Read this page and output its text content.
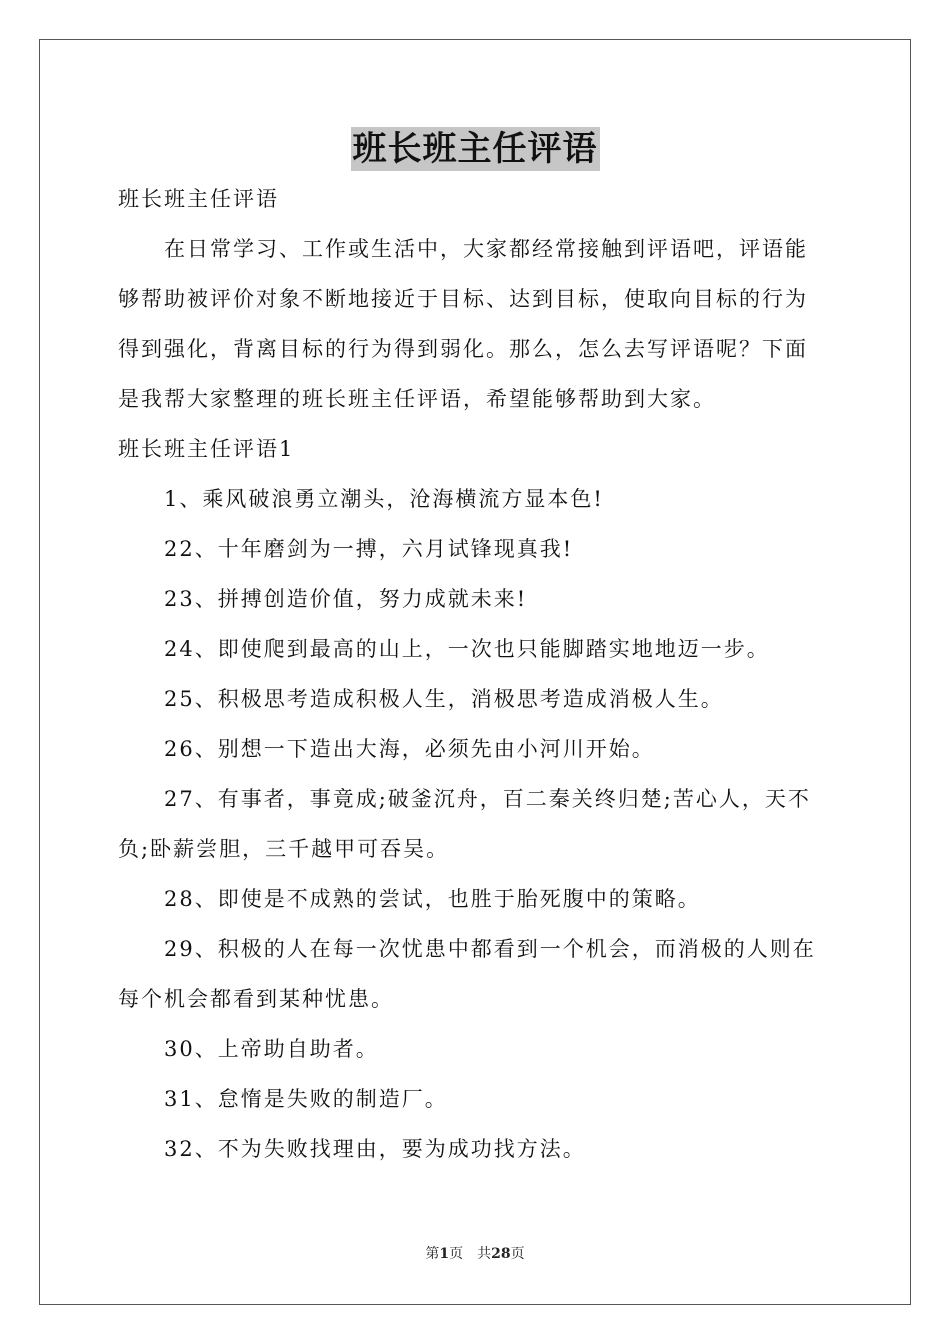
班长班主任评语

班长班主任评语

在日常学习、工作或生活中，大家都经常接触到评语吧，评语能

够帮助被评价对象不断地接近于目标、达到目标，使取向目标的行为

得到强化，背离目标的行为得到弱化。那么，怎么去写评语呢？下面

是我帮大家整理的班长班主任评语，希望能够帮助到大家。

班长班主任评语1

1、乘风破浪勇立潮头，沧海横流方显本色!

22、十年磨剑为一搏，六月试锋现真我!

23、拼搏创造价值，努力成就未来!

24、即使爬到最高的山上，一次也只能脚踏实地地迈一步。

25、积极思考造成积极人生，消极思考造成消极人生。

26、别想一下造出大海，必须先由小河川开始。

27、有事者，事竟成;破釜沉舟，百二秦关终归楚;苦心人，天不

负;卧薪尝胆，三千越甲可吞吴。

28、即使是不成熟的尝试，也胜于胎死腹中的策略。

29、积极的人在每一次忧患中都看到一个机会，而消极的人则在

每个机会都看到某种忧患。

30、上帝助自助者。

31、怠惰是失败的制造厂。

32、不为失败找理由，要为成功找方法。

第1页 共28页
